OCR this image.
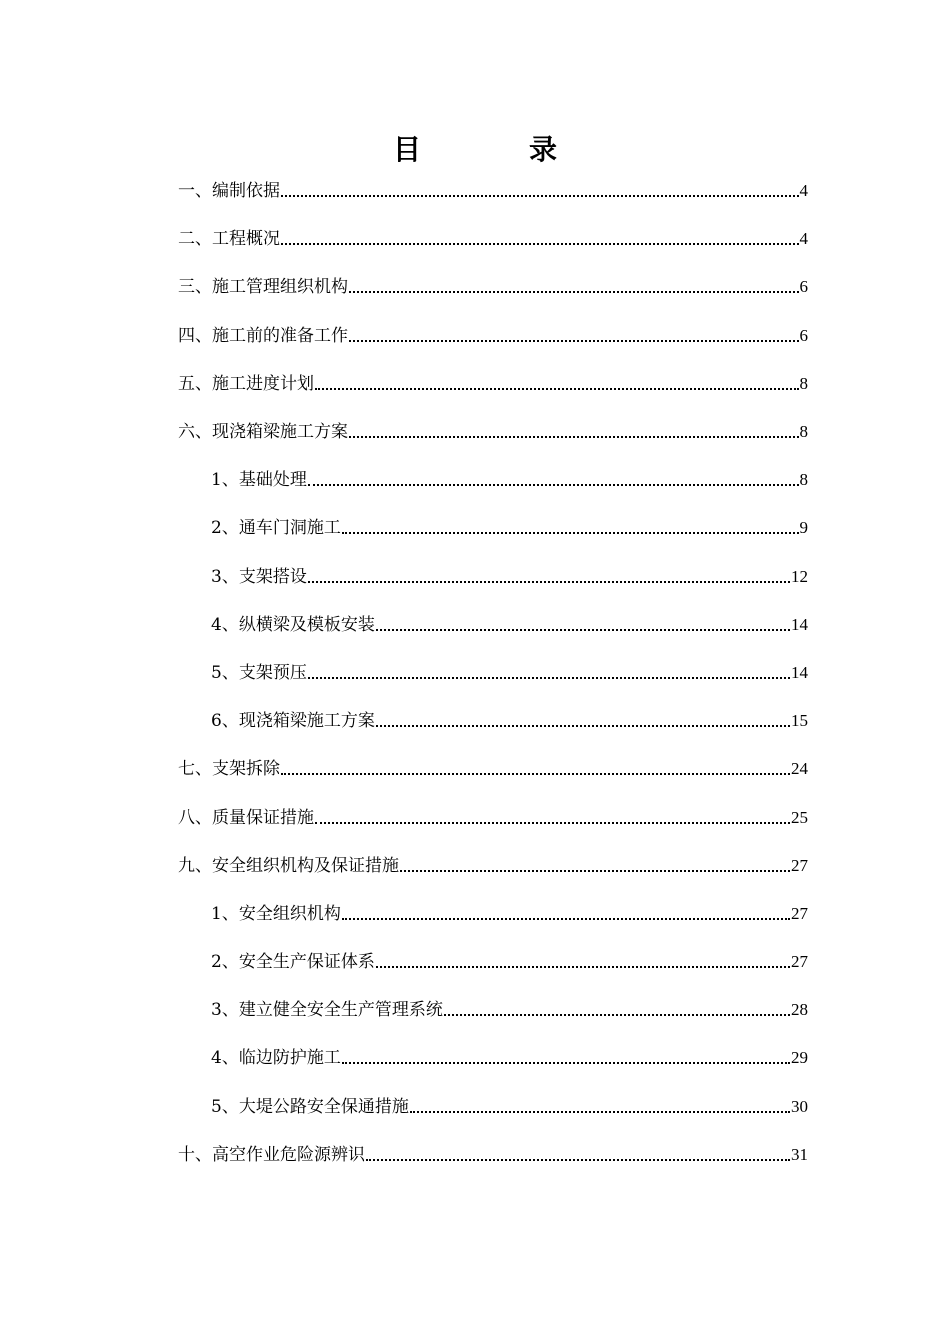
目　录
一、编制依据	4
二、工程概况	4
三、施工管理组织机构	6
四、施工前的准备工作	6
五、施工进度计划	8
六、现浇箱梁施工方案	8
1、基础处理	8
2、通车门洞施工	9
3、支架搭设	12
4、纵横梁及模板安装	14
5、支架预压	14
6、现浇箱梁施工方案	15
七、支架拆除	24
八、质量保证措施	25
九、安全组织机构及保证措施	27
1、安全组织机构	27
2、安全生产保证体系	27
3、建立健全安全生产管理系统	28
4、临边防护施工	29
5、大堤公路安全保通措施	30
十、高空作业危险源辨识	31
